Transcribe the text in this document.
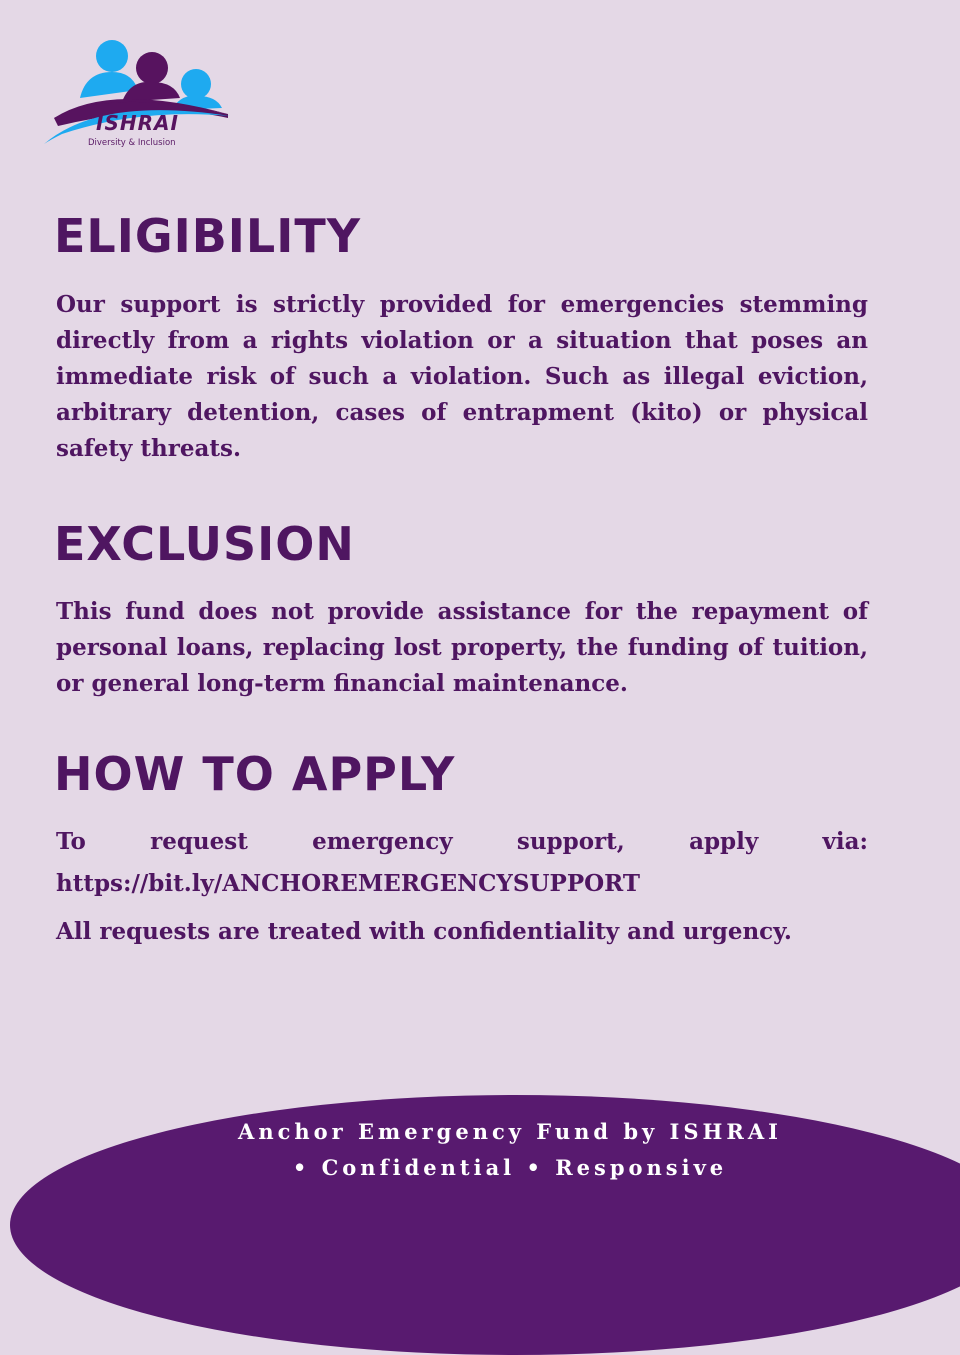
ISHRAI
Diversity & Inclusion
ELIGIBILITY

Our support is strictly provided for emergencies stemming directly from a rights violation or a situation that poses an immediate risk of such a violation. Such as illegal eviction, arbitrary detention, cases of entrapment (kito) or physical safety threats.

EXCLUSION

This fund does not provide assistance for the repayment of personal loans, replacing lost property, the funding of tuition, or general long-term financial maintenance.

HOW TO APPLY
To	request	emergency	support,	apply	via:
https://bit.ly/ANCHOREMERGENCYSUPPORT
All requests are treated with confidentiality and urgency.
Anchor Emergency Fund by ISHRAI
• Confidential • Responsive
